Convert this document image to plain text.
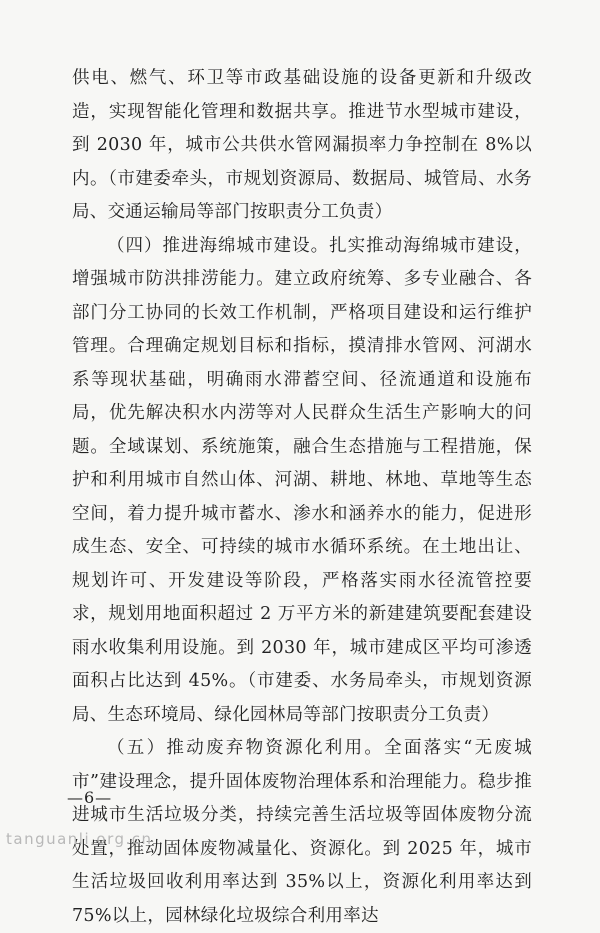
供电、燃气、环卫等市政基础设施的设备更新和升级改造，实现智能化管理和数据共享。推进节水型城市建设，到 2030 年，城市公共供水管网漏损率力争控制在 8%以内。（市建委牵头，市规划资源局、数据局、城管局、水务局、交通运输局等部门按职责分工负责）

（四）推进海绵城市建设。扎实推动海绵城市建设，增强城市防洪排涝能力。建立政府统筹、多专业融合、各部门分工协同的长效工作机制，严格项目建设和运行维护管理。合理确定规划目标和指标，摸清排水管网、河湖水系等现状基础，明确雨水滞蓄空间、径流通道和设施布局，优先解决积水内涝等对人民群众生活生产影响大的问题。全域谋划、系统施策，融合生态措施与工程措施，保护和利用城市自然山体、河湖、耕地、林地、草地等生态空间，着力提升城市蓄水、渗水和涵养水的能力，促进形成生态、安全、可持续的城市水循环系统。在土地出让、规划许可、开发建设等阶段，严格落实雨水径流管控要求，规划用地面积超过 2 万平方米的新建建筑要配套建设雨水收集利用设施。到 2030 年，城市建成区平均可渗透面积占比达到 45%。（市建委、水务局牵头，市规划资源局、生态环境局、绿化园林局等部门按职责分工负责）

（五）推动废弃物资源化利用。全面落实“无废城市”建设理念，提升固体废物治理体系和治理能力。稳步推进城市生活垃圾分类，持续完善生活垃圾等固体废物分流处置，推动固体废物减量化、资源化。到 2025 年，城市生活垃圾回收利用率达到 35%以上，资源化利用率达到 75%以上，园林绿化垃圾综合利用率达

—6—
tanguanli.org.cn
